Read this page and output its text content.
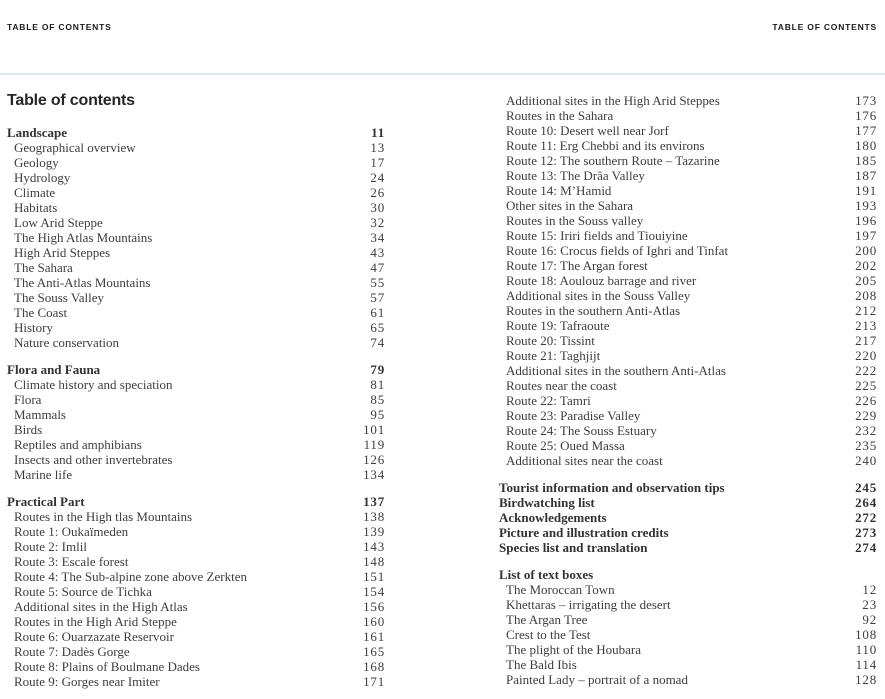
TABLE OF CONTENTS	TABLE OF CONTENTS
Table of contents
Landscape	11
Geographical overview	13
Geology	17
Hydrology	24
Climate	26
Habitats	30
Low Arid Steppe	32
The High Atlas Mountains	34
High Arid Steppes	43
The Sahara	47
The Anti-Atlas Mountains	55
The Souss Valley	57
The Coast	61
History	65
Nature conservation	74
Flora and Fauna	79
Climate history and speciation	81
Flora	85
Mammals	95
Birds	101
Reptiles and amphibians	119
Insects and other invertebrates	126
Marine life	134
Practical Part	137
Routes in the High tlas Mountains	138
Route 1: Oukaïmeden	139
Route 2: Imlil	143
Route 3: Escale forest	148
Route 4: The Sub-alpine zone above Zerkten	151
Route 5: Source de Tichka	154
Additional sites in the High Atlas	156
Routes in the High Arid Steppe	160
Route 6: Ouarzazate Reservoir	161
Route 7: Dadès Gorge	165
Route 8: Plains of Boulmane Dades	168
Route 9: Gorges near Imiter	171
Additional sites in the High Arid Steppes	173
Routes in the Sahara	176
Route 10: Desert well near Jorf	177
Route 11: Erg Chebbi and its environs	180
Route 12: The southern Route – Tazarine	185
Route 13: The Drâa Valley	187
Route 14: M’Hamid	191
Other sites in the Sahara	193
Routes in the Souss valley	196
Route 15: Iriri fields and Tiouiyine	197
Route 16: Crocus fields of Ighri and Tinfat	200
Route 17: The Argan forest	202
Route 18: Aoulouz barrage and river	205
Additional sites in the Souss Valley	208
Routes in the southern Anti-Atlas	212
Route 19: Tafraoute	213
Route 20: Tissint	217
Route 21: Taghjijt	220
Additional sites in the southern Anti-Atlas	222
Routes near the coast	225
Route 22: Tamri	226
Route 23: Paradise Valley	229
Route 24: The Souss Estuary	232
Route 25: Oued Massa	235
Additional sites near the coast	240
Tourist information and observation tips	245
Birdwatching list	264
Acknowledgements	272
Picture and illustration credits	273
Species list and translation	274
List of text boxes
The Moroccan Town	12
Khettaras – irrigating the desert	23
The Argan Tree	92
Crest to the Test	108
The plight of the Houbara	110
The Bald Ibis	114
Painted Lady – portrait of a nomad	128
